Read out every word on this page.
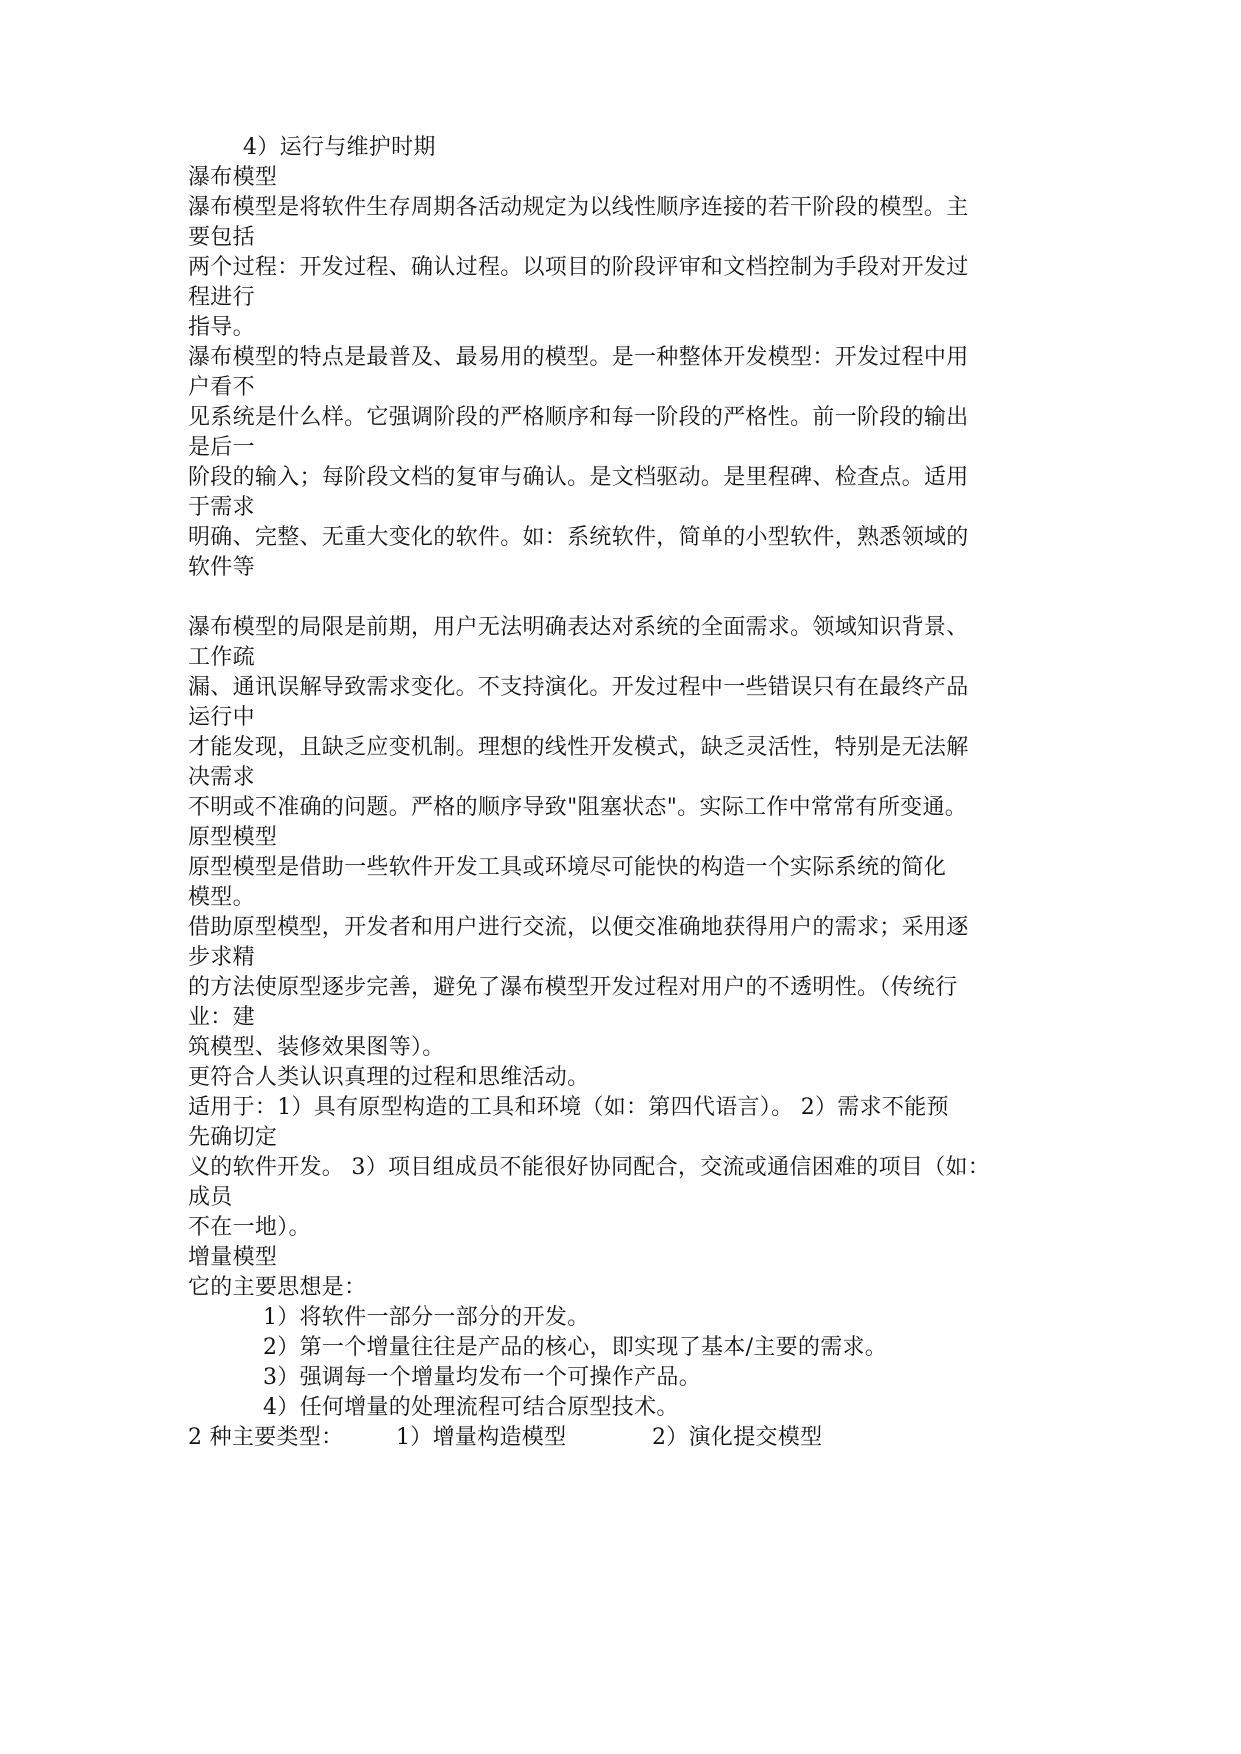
4）运行与维护时期
瀑布模型
瀑布模型是将软件生存周期各活动规定为以线性顺序连接的若干阶段的模型。主
要包括
两个过程：开发过程、确认过程。以项目的阶段评审和文档控制为手段对开发过
程进行
指导。
瀑布模型的特点是最普及、最易用的模型。是一种整体开发模型：开发过程中用
户看不
见系统是什么样。它强调阶段的严格顺序和每一阶段的严格性。前一阶段的输出
是后一
阶段的输入；每阶段文档的复审与确认。是文档驱动。是里程碑、检查点。适用
于需求
明确、完整、无重大变化的软件。如：系统软件，简单的小型软件，熟悉领域的
软件等
瀑布模型的局限是前期，用户无法明确表达对系统的全面需求。领域知识背景、
工作疏
漏、通讯误解导致需求变化。不支持演化。开发过程中一些错误只有在最终产品
运行中
才能发现，且缺乏应变机制。理想的线性开发模式，缺乏灵活性，特别是无法解
决需求
不明或不准确的问题。严格的顺序导致"阻塞状态"。实际工作中常常有所变通。
原型模型
原型模型是借助一些软件开发工具或环境尽可能快的构造一个实际系统的简化
模型。
借助原型模型，开发者和用户进行交流，以便交准确地获得用户的需求；采用逐
步求精
的方法使原型逐步完善，避免了瀑布模型开发过程对用户的不透明性。（传统行
业：建
筑模型、装修效果图等）。
更符合人类认识真理的过程和思维活动。
适用于：1）具有原型构造的工具和环境（如：第四代语言）。 2）需求不能预
先确切定
义的软件开发。 3）项目组成员不能很好协同配合，交流或通信困难的项目（如：
成员
不在一地）。
增量模型
它的主要思想是：
1）将软件一部分一部分的开发。
2）第一个增量往往是产品的核心，即实现了基本/主要的需求。
3）强调每一个增量均发布一个可操作产品。
4）任何增量的处理流程可结合原型技术。
2 种主要类型： 1）增量构造模型	2）演化提交模型
